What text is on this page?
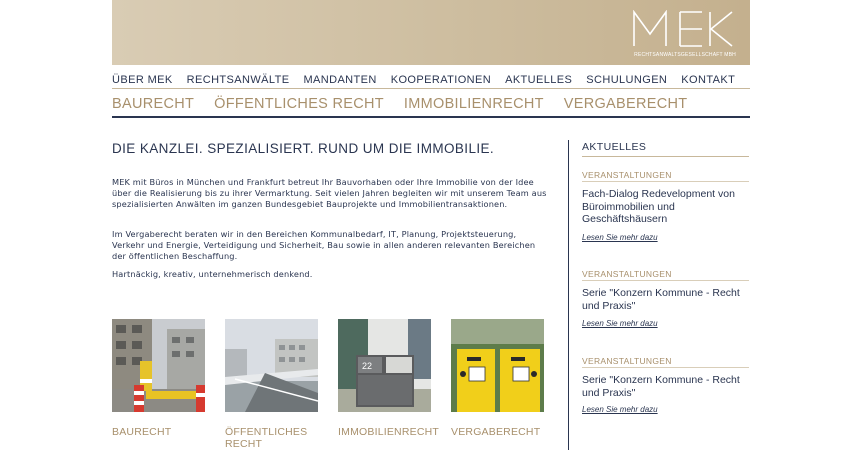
RECHTSANWALTSGESELLSCHAFT MBH
ÜBER MEK RECHTSANWÄLTE MANDANTEN KOOPERATIONEN AKTUELLES SCHULUNGEN KONTAKT
BAURECHT ÖFFENTLICHES RECHT IMMOBILIENRECHT VERGABERECHT
DIE KANZLEI. SPEZIALISIERT. RUND UM DIE IMMOBILIE.

MEK mit Büros in München und Frankfurt betreut Ihr Bauvorhaben oder Ihre Immobilie von der Idee über die Realisierung bis zu ihrer Vermarktung. Seit vielen Jahren begleiten wir mit unserem Team aus spezialisierten Anwälten im ganzen Bundesgebiet Bauprojekte und Immobilientransaktionen.

Im Vergaberecht beraten wir in den Bereichen Kommunalbedarf, IT, Planung, Projektsteuerung, Verkehr und Energie, Verteidigung und Sicherheit, Bau sowie in allen anderen relevanten Bereichen der öffentlichen Beschaffung.

Hartnäckig, kreativ, unternehmerisch denkend.

BAURECHT	ÖFFENTLICHES RECHT
22
IMMOBILIENRECHT VERGABERECHT
AKTUELLES
VERANSTALTUNGEN
Fach-Dialog Redevelopment von Büroimmobilien und Geschäftshäusern
Lesen Sie mehr dazu
VERANSTALTUNGEN
Serie "Konzern Kommune - Recht und Praxis"
Lesen Sie mehr dazu
VERANSTALTUNGEN
Serie "Konzern Kommune - Recht und Praxis"
Lesen Sie mehr dazu
